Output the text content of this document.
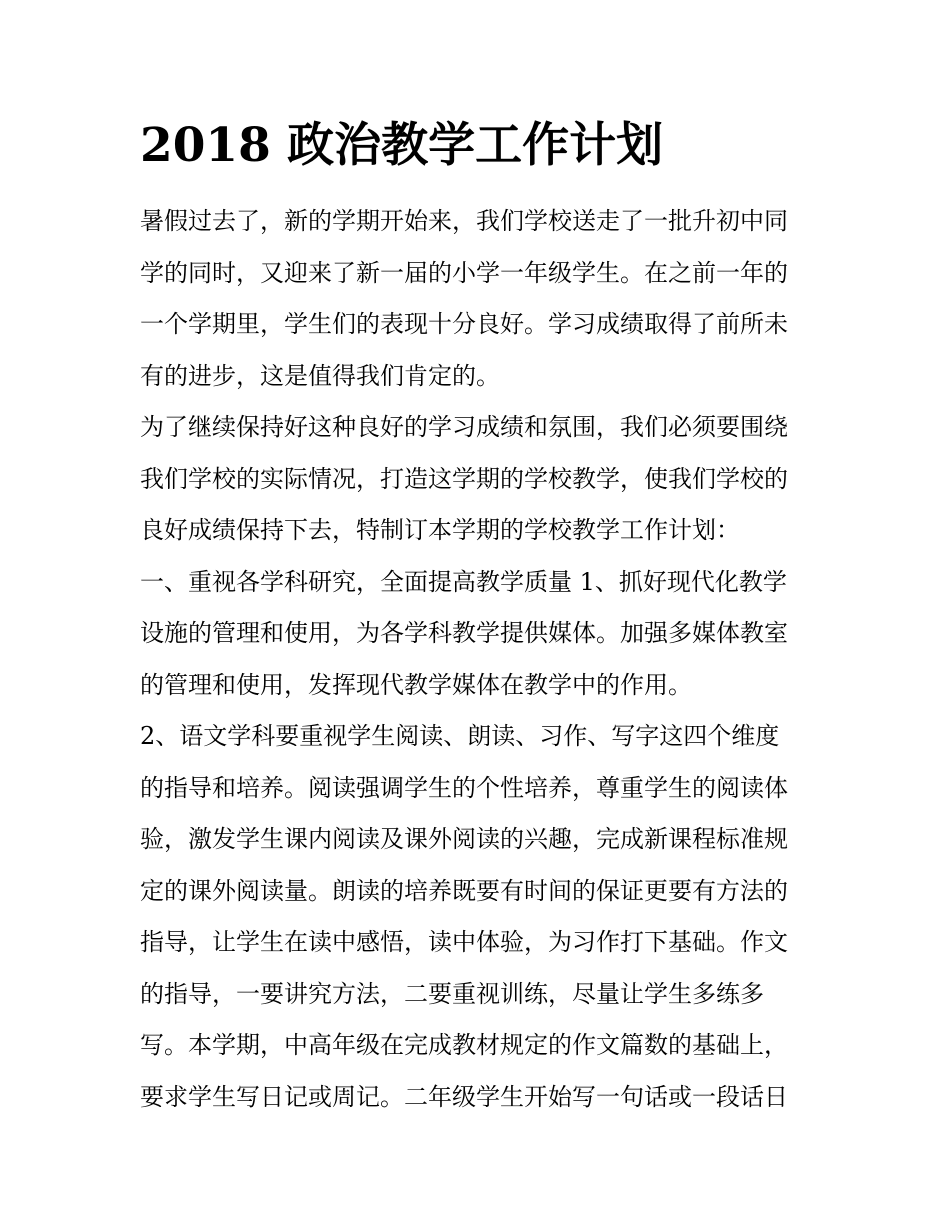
2018 政治教学工作计划
暑假过去了，新的学期开始来，我们学校送走了一批升初中同
学的同时，又迎来了新一届的小学一年级学生。在之前一年的
一个学期里，学生们的表现十分良好。学习成绩取得了前所未
有的进步，这是值得我们肯定的。
为了继续保持好这种良好的学习成绩和氛围，我们必须要围绕
我们学校的实际情况，打造这学期的学校教学，使我们学校的
良好成绩保持下去，特制订本学期的学校教学工作计划：
一、重视各学科研究，全面提高教学质量 1、抓好现代化教学
设施的管理和使用，为各学科教学提供媒体。加强多媒体教室
的管理和使用，发挥现代教学媒体在教学中的作用。
2、语文学科要重视学生阅读、朗读、习作、写字这四个维度
的指导和培养。阅读强调学生的个性培养，尊重学生的阅读体
验，激发学生课内阅读及课外阅读的兴趣，完成新课程标准规
定的课外阅读量。朗读的培养既要有时间的保证更要有方法的
指导，让学生在读中感悟，读中体验，为习作打下基础。作文
的指导，一要讲究方法，二要重视训练，尽量让学生多练多
写。本学期，中高年级在完成教材规定的作文篇数的基础上，
要求学生写日记或周记。二年级学生开始写一句话或一段话日
